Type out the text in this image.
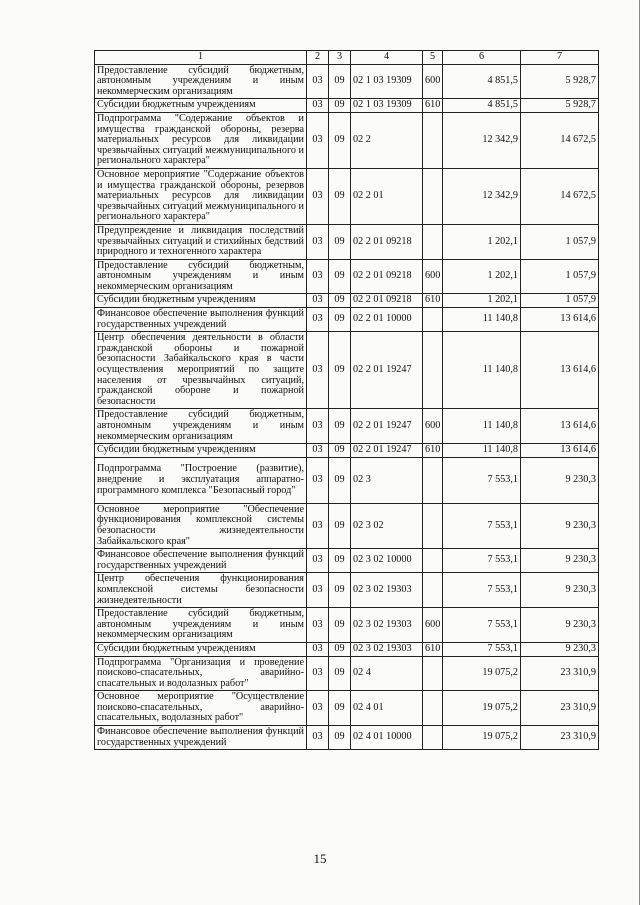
1	2	3	4	5	6	7
Предоставление субсидий бюджетным, автономным учреждениям и иным некоммерческим организациям	03	09	02 1 03 19309	600	4 851,5	5 928,7
Субсидии бюджетным учреждениям	03	09	02 1 03 19309	610	4 851,5	5 928,7
Подпрограмма "Содержание объектов и имущества гражданской обороны, резерва материальных ресурсов для ликвидации чрезвычайных ситуаций межмуниципального и регионального характера"	03	09	02 2		12 342,9	14 672,5
Основное мероприятие "Содержание объектов и имущества гражданской обороны, резервов материальных ресурсов для ликвидации чрезвычайных ситуаций межмуниципального и регионального характера"	03	09	02 2 01		12 342,9	14 672,5
Предупреждение и ликвидация последствий чрезвычайных ситуаций и стихийных бедствий природного и техногенного характера	03	09	02 2 01 09218		1 202,1	1 057,9
Предоставление субсидий бюджетным, автономным учреждениям и иным некоммерческим организациям	03	09	02 2 01 09218	600	1 202,1	1 057,9
Субсидии бюджетным учреждениям	03	09	02 2 01 09218	610	1 202,1	1 057,9
Финансовое обеспечение выполнения функций государственных учреждений	03	09	02 2 01 10000		11 140,8	13 614,6
Центр обеспечения деятельности в области гражданской обороны и пожарной безопасности Забайкальского края в части осуществления мероприятий по защите населения от чрезвычайных ситуаций, гражданской обороне и пожарной безопасности	03	09	02 2 01 19247		11 140,8	13 614,6
Предоставление субсидий бюджетным, автономным учреждениям и иным некоммерческим организациям	03	09	02 2 01 19247	600	11 140,8	13 614,6
Субсидии бюджетным учреждениям	03	09	02 2 01 19247	610	11 140,8	13 614,6
Подпрограмма "Построение (развитие), внедрение и эксплуатация аппаратно-программного комплекса "Безопасный город"	03	09	02 3		7 553,1	9 230,3
Основное мероприятие "Обеспечение функционирования комплексной системы безопасности жизнедеятельности Забайкальского края"	03	09	02 3 02		7 553,1	9 230,3
Финансовое обеспечение выполнения функций государственных учреждений	03	09	02 3 02 10000		7 553,1	9 230,3
Центр обеспечения функционирования комплексной системы безопасности жизнедеятельности	03	09	02 3 02 19303		7 553,1	9 230,3
Предоставление субсидий бюджетным, автономным учреждениям и иным некоммерческим организациям	03	09	02 3 02 19303	600	7 553,1	9 230,3
Субсидии бюджетным учреждениям	03	09	02 3 02 19303	610	7 553,1	9 230,3
Подпрограмма "Организация и проведение поисково-спасательных, аварийно-спасательных и водолазных работ"	03	09	02 4		19 075,2	23 310,9
Основное мероприятие "Осуществление поисково-спасательных, аварийно-спасательных, водолазных работ"	03	09	02 4 01		19 075,2	23 310,9
Финансовое обеспечение выполнения функций государственных учреждений	03	09	02 4 01 10000		19 075,2	23 310,9
15
